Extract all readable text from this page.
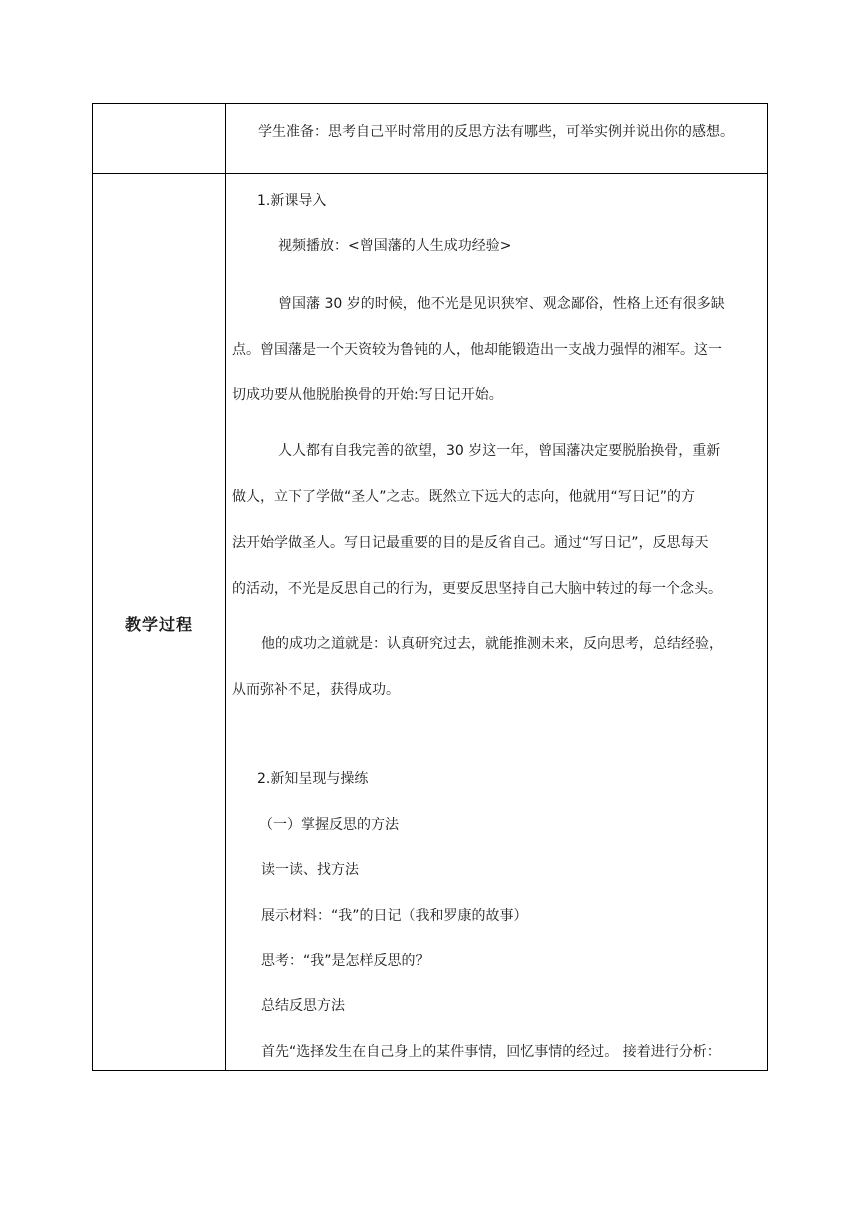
学生准备：思考自己平时常用的反思方法有哪些，可举实例并说出你的感想。
教学过程
1.新课导入
视频播放：<曾国藩的人生成功经验>
曾国藩 30 岁的时候，他不光是见识狭窄、观念鄙俗，性格上还有很多缺
点。曾国藩是一个天资较为鲁钝的人，他却能锻造出一支战力强悍的湘军。这一
切成功要从他脱胎换骨的开始:写日记开始。
人人都有自我完善的欲望，30 岁这一年，曾国藩决定要脱胎换骨，重新
做人，立下了学做“圣人”之志。既然立下远大的志向，他就用“写日记”的方
法开始学做圣人。写日记最重要的目的是反省自己。通过“写日记”，反思每天
的活动，不光是反思自己的行为，更要反思坚持自己大脑中转过的每一个念头。
他的成功之道就是：认真研究过去，就能推测未来，反向思考，总结经验，
从而弥补不足，获得成功。
2.新知呈现与操练
（一）掌握反思的方法
读一读、找方法
展示材料：“我”的日记（我和罗康的故事）
思考：“我”是怎样反思的？
总结反思方法
首先“选择发生在自己身上的某件事情，回忆事情的经过。 接着进行分析：
